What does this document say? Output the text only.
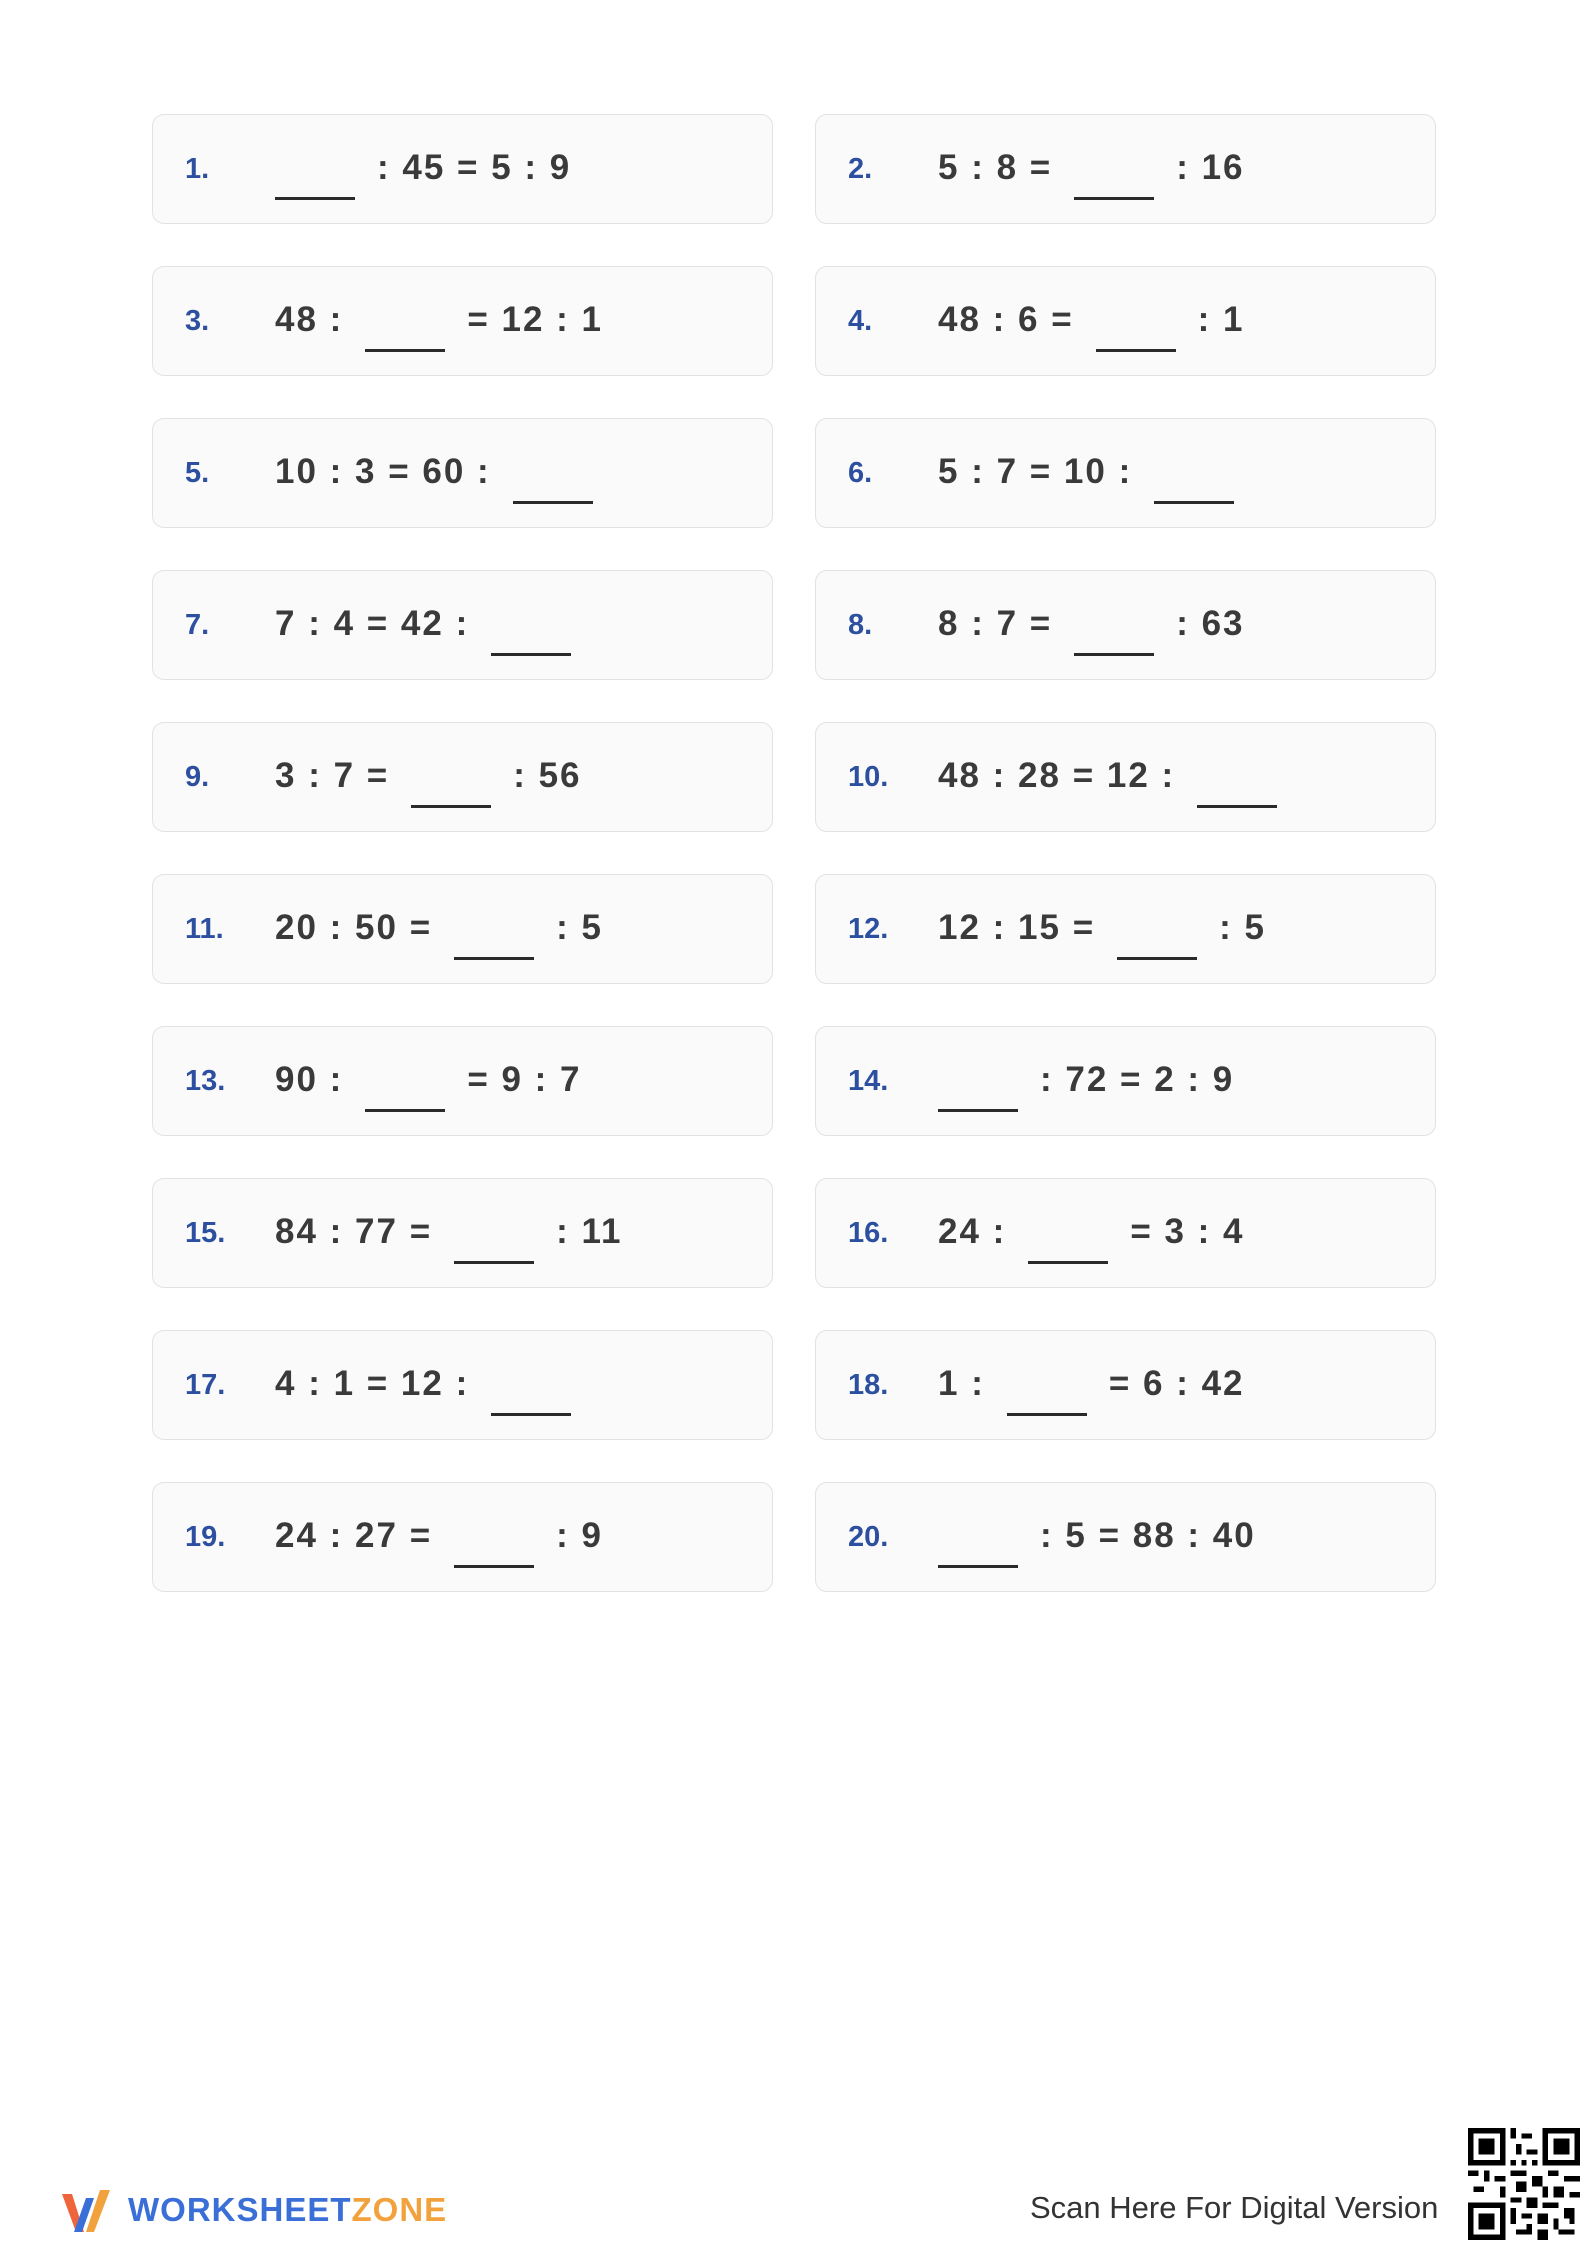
1.	: 45 = 5 : 9	2. 5 : 8 =	: 16
3. 48 :	= 12 : 1	4. 48 : 6 =	: 1
5. 10 : 3 = 60 :	6. 5 : 7 = 10 :
7. 7 : 4 = 42 :	8. 8 : 7 =	: 63
9. 3 : 7 =	: 56	10. 48 : 28 = 12 :
11. 20 : 50 =	: 5	12. 12 : 15 =	: 5
13. 90 :	= 9 : 7	14.	: 72 = 2 : 9
15. 84 : 77 =	: 11	16. 24 :	= 3 : 4
17. 4 : 1 = 12 :	18. 1 :	= 6 : 42
19. 24 : 27 =	: 9	20.	: 5 = 88 : 40
WORKSHEETZONE	Scan Here For Digital Version
